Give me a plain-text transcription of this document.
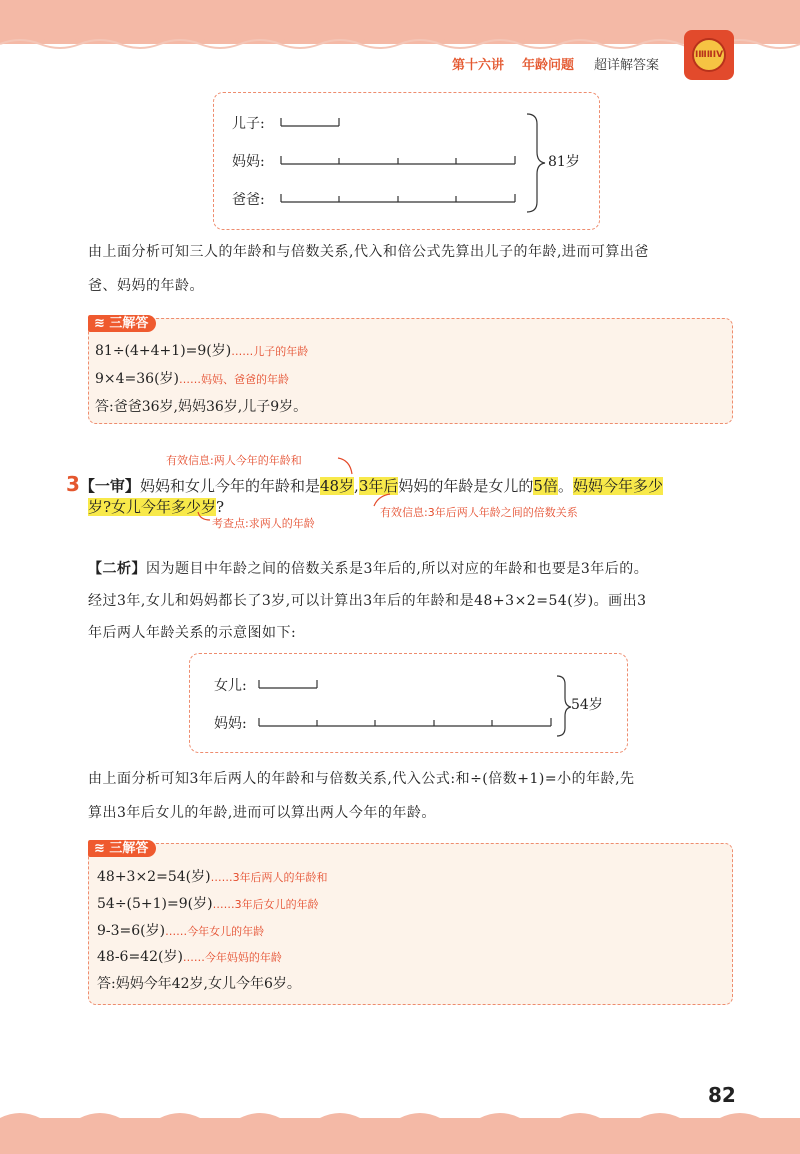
第十六讲 年龄问题 超详解答案
ⅠⅢⅡⅠⅤ
儿子:
妈妈:
爸爸:
81岁
由上面分析可知三人的年龄和与倍数关系,代入和倍公式先算出儿子的年龄,进而可算出爸
爸、妈妈的年龄。
≋ 三解答
81÷(4+4+1)=9(岁)……儿子的年龄
9×4=36(岁)……妈妈、爸爸的年龄
答:爸爸36岁,妈妈36岁,儿子9岁。
有效信息:两人今年的年龄和
3【一审】妈妈和女儿今年的年龄和是48岁,3年后妈妈的年龄是女儿的5倍。妈妈今年多少
岁?女儿今年多少岁?
考查点:求两人的年龄
有效信息:3年后两人年龄之间的倍数关系
【二析】因为题目中年龄之间的倍数关系是3年后的,所以对应的年龄和也要是3年后的。
经过3年,女儿和妈妈都长了3岁,可以计算出3年后的年龄和是48+3×2=54(岁)。画出3
年后两人年龄关系的示意图如下:
女儿:
妈妈:
54岁
由上面分析可知3年后两人的年龄和与倍数关系,代入公式:和÷(倍数+1)=小的年龄,先
算出3年后女儿的年龄,进而可以算出两人今年的年龄。
≋ 三解答
48+3×2=54(岁)……3年后两人的年龄和
54÷(5+1)=9(岁)……3年后女儿的年龄
9-3=6(岁)……今年女儿的年龄
48-6=42(岁)……今年妈妈的年龄
答:妈妈今年42岁,女儿今年6岁。
82
